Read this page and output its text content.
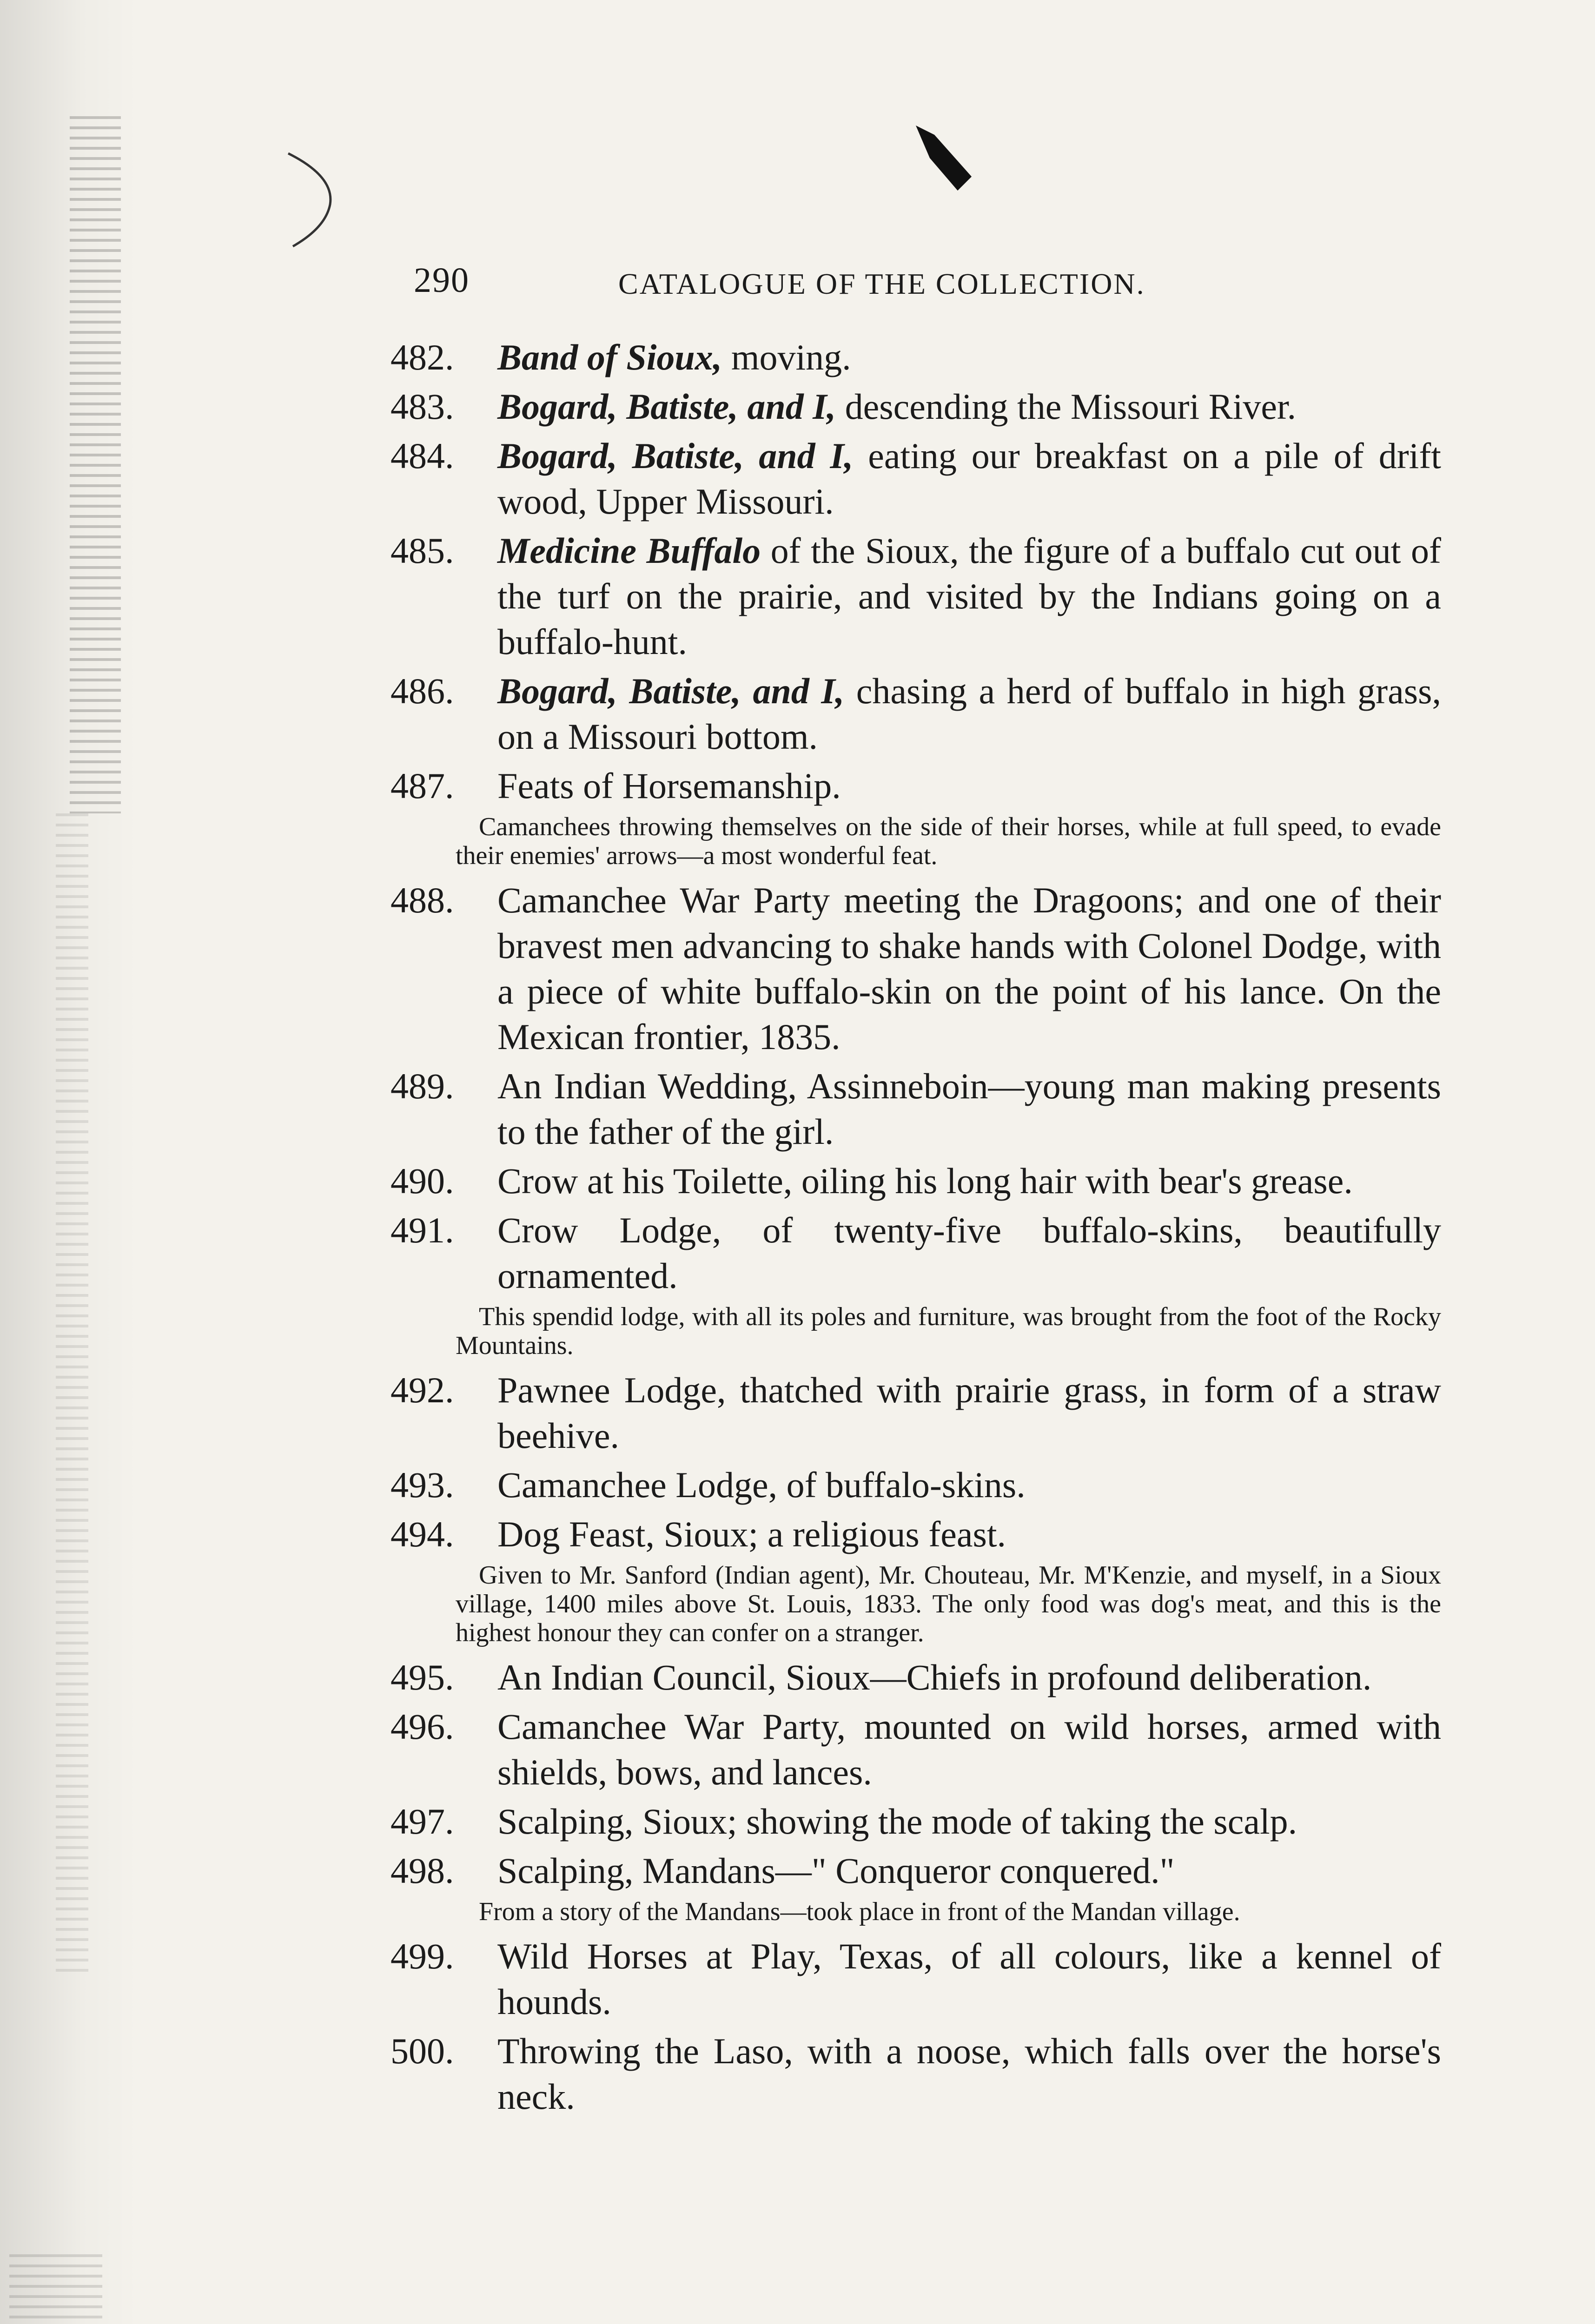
290	CATALOGUE OF THE COLLECTION.
482.	Band of Sioux, moving.
483.	Bogard, Batiste, and I, descending the Missouri River.
484.	Bogard, Batiste, and I, eating our breakfast on a pile of drift wood, Upper Missouri.
485.	Medicine Buffalo of the Sioux, the figure of a buffalo cut out of the turf on the prairie, and visited by the Indians going on a buffalo-hunt.
486.	Bogard, Batiste, and I, chasing a herd of buffalo in high grass, on a Missouri bottom.
487.	Feats of Horsemanship.
Camanchees throwing themselves on the side of their horses, while at full speed, to evade their enemies' arrows—a most wonderful feat.
488.	Camanchee War Party meeting the Dragoons; and one of their bravest men advancing to shake hands with Colonel Dodge, with a piece of white buffalo-skin on the point of his lance. On the Mexican frontier, 1835.
489.	An Indian Wedding, Assinneboin—young man making presents to the father of the girl.
490.	Crow at his Toilette, oiling his long hair with bear's grease.
491.	Crow Lodge, of twenty-five buffalo-skins, beautifully ornamented.
This spendid lodge, with all its poles and furniture, was brought from the foot of the Rocky Mountains.
492.	Pawnee Lodge, thatched with prairie grass, in form of a straw beehive.
493.	Camanchee Lodge, of buffalo-skins.
494.	Dog Feast, Sioux; a religious feast.
Given to Mr. Sanford (Indian agent), Mr. Chouteau, Mr. M'Kenzie, and myself, in a Sioux village, 1400 miles above St. Louis, 1833. The only food was dog's meat, and this is the highest honour they can confer on a stranger.
495.	An Indian Council, Sioux—Chiefs in profound deliberation.
496.	Camanchee War Party, mounted on wild horses, armed with shields, bows, and lances.
497.	Scalping, Sioux; showing the mode of taking the scalp.
498.	Scalping, Mandans—" Conqueror conquered."
From a story of the Mandans—took place in front of the Mandan village.
499.	Wild Horses at Play, Texas, of all colours, like a kennel of hounds.
500.	Throwing the Laso, with a noose, which falls over the horse's neck.
